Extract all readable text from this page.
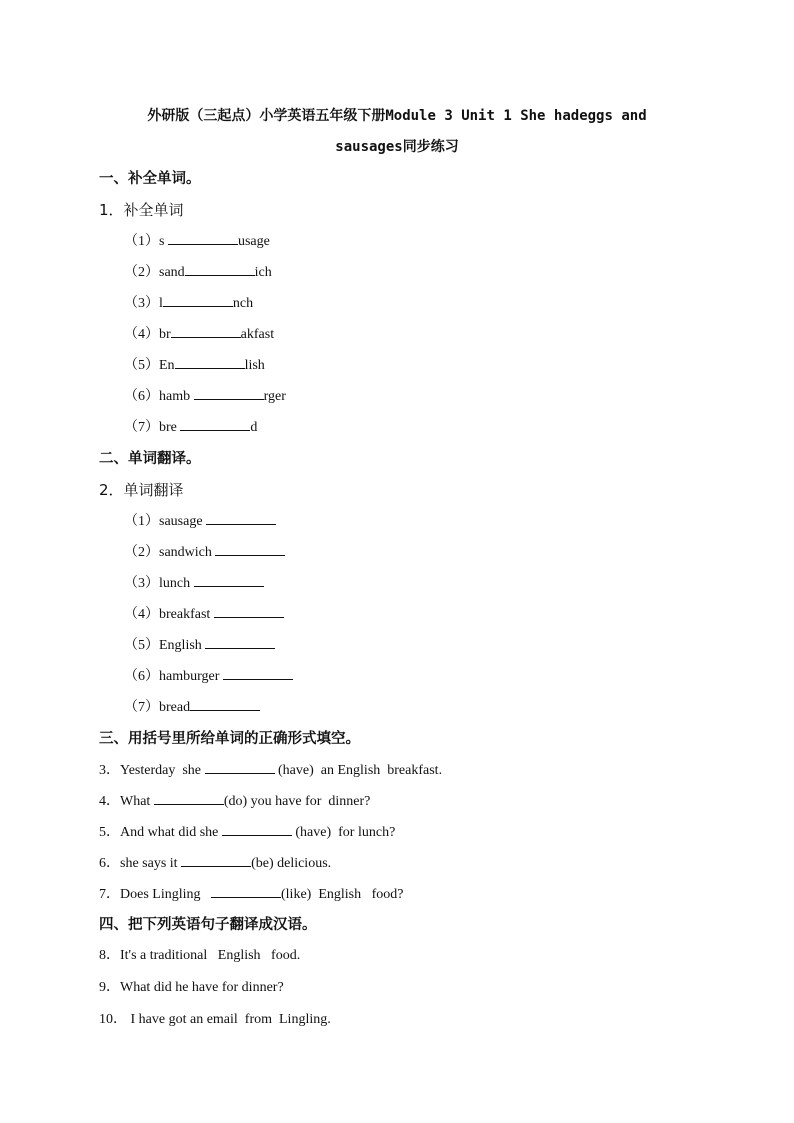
外研版（三起点）小学英语五年级下册Module 3 Unit 1 She hadeggs and
sausages同步练习
一、补全单词。
1．补全单词
（1）s	usage
（2）sand	ich
（3）l	nch
（4）br	akfast
（5）En	lish
（6）hamb	rger
（7）bre	d
二、单词翻译。
2．单词翻译
（1）sausage
（2）sandwich
（3）lunch
（4）breakfast
（5）English
（6）hamburger
（7）bread
三、用括号里所给单词的正确形式填空。
3．Yesterday  she	(have)  an English  breakfast.
4．What	(do) you have for  dinner?
5．And what did she	(have)  for lunch?
6．she says it	(be) delicious.
7．Does Lingling	(like)  English   food?
四、把下列英语句子翻译成汉语。
8．It's a traditional   English   food.
9．What did he have for dinner?
10． I have got an email  from  Lingling.
